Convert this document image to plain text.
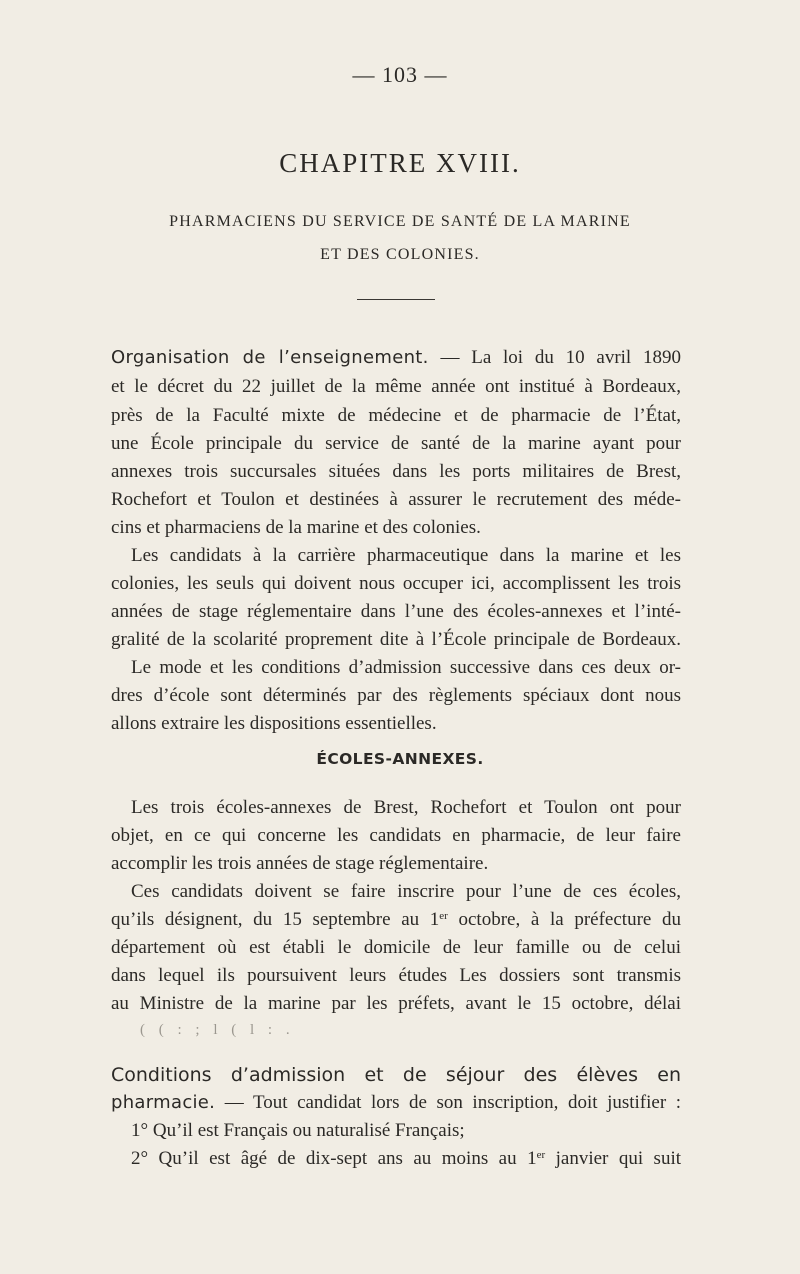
— 103 —
CHAPITRE XVIII.
PHARMACIENS DU SERVICE DE SANTÉ DE LA MARINE
ET DES COLONIES.
Organisation de l’enseignement. — La loi du 10 avril 1890
et le décret du 22 juillet de la même année ont institué à Bordeaux,
près de la Faculté mixte de médecine et de pharmacie de l’État,
une École principale du service de santé de la marine ayant pour
annexes trois succursales situées dans les ports militaires de Brest,
Rochefort et Toulon et destinées à assurer le recrutement des méde-
cins et pharmaciens de la marine et des colonies.
Les candidats à la carrière pharmaceutique dans la marine et les
colonies, les seuls qui doivent nous occuper ici, accomplissent les trois
années de stage réglementaire dans l’une des écoles-annexes et l’inté-
gralité de la scolarité proprement dite à l’École principale de Bordeaux.
Le mode et les conditions d’admission successive dans ces deux or-
dres d’école sont déterminés par des règlements spéciaux dont nous
allons extraire les dispositions essentielles.
ÉCOLES-ANNEXES.
Les trois écoles-annexes de Brest, Rochefort et Toulon ont pour
objet, en ce qui concerne les candidats en pharmacie, de leur faire
accomplir les trois années de stage réglementaire.
Ces candidats doivent se faire inscrire pour l’une de ces écoles,
qu’ils désignent, du 15 septembre au 1er octobre, à la préfecture du
département où est établi le domicile de leur famille ou de celui
dans lequel ils poursuivent leurs études Les dossiers sont transmis
au Ministre de la marine par les préfets, avant le 15 octobre, délai
( ( : ; l ( l : .
Conditions d’admission et de séjour des élèves en
pharmacie. — Tout candidat lors de son inscription, doit justifier :
1° Qu’il est Français ou naturalisé Français;
2° Qu’il est âgé de dix-sept ans au moins au 1er janvier qui suit
